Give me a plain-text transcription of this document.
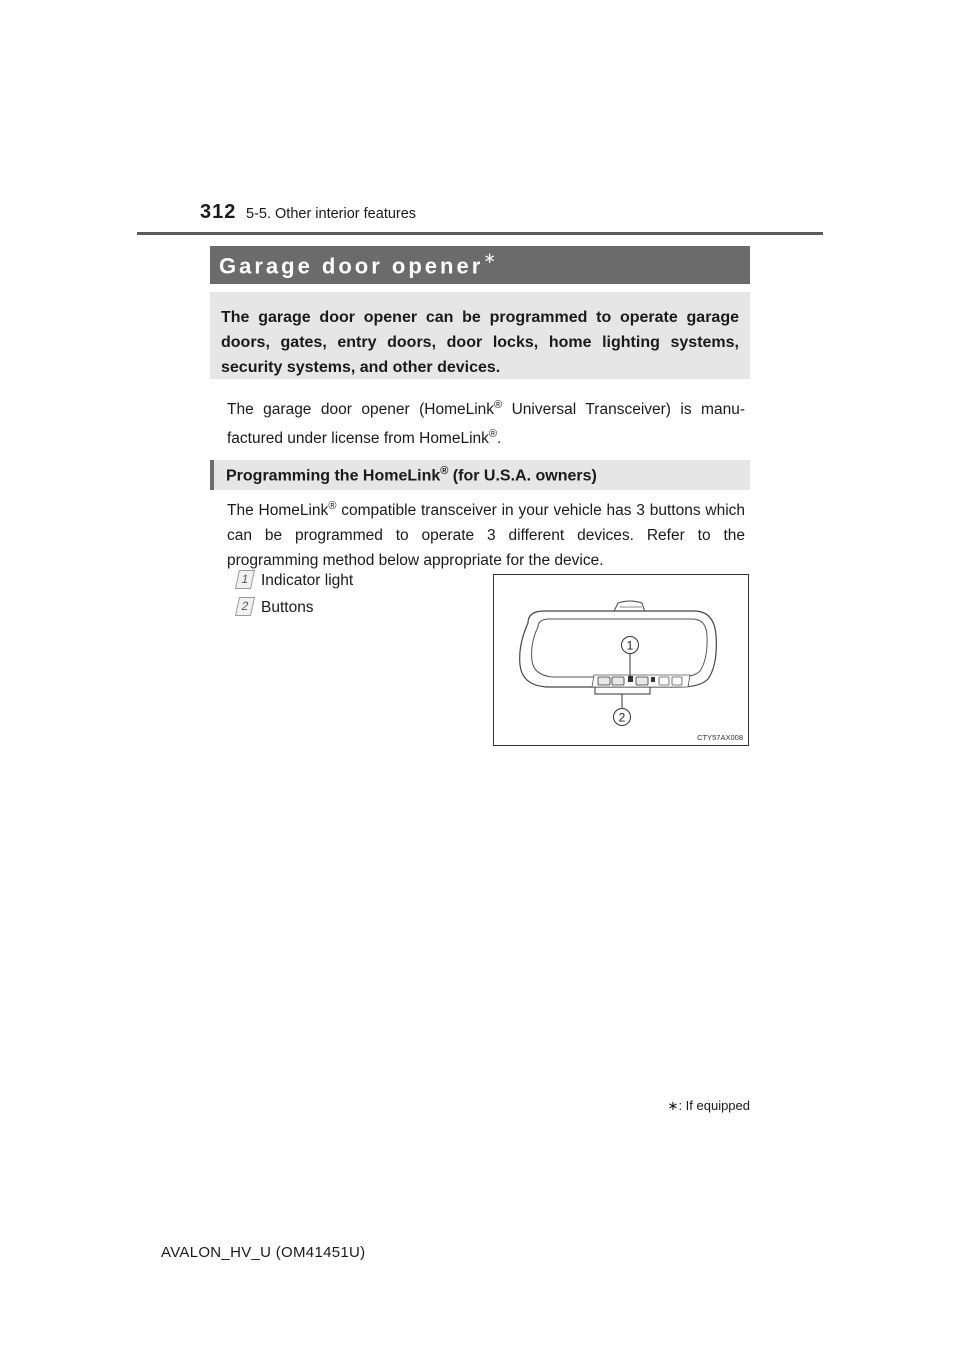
312 5-5. Other interior features
Garage door opener∗
The garage door opener can be programmed to operate garage doors, gates, entry doors, door locks, home lighting systems, security systems, and other devices.
The garage door opener (HomeLink® Universal Transceiver) is manu-factured under license from HomeLink®.
Programming the HomeLink® (for U.S.A. owners)
The HomeLink® compatible transceiver in your vehicle has 3 buttons which can be programmed to operate 3 different devices. Refer to the programming method below appropriate for the device.
1 Indicator light
2 Buttons
1
2
CTY57AX008
∗: If equipped
AVALON_HV_U (OM41451U)
